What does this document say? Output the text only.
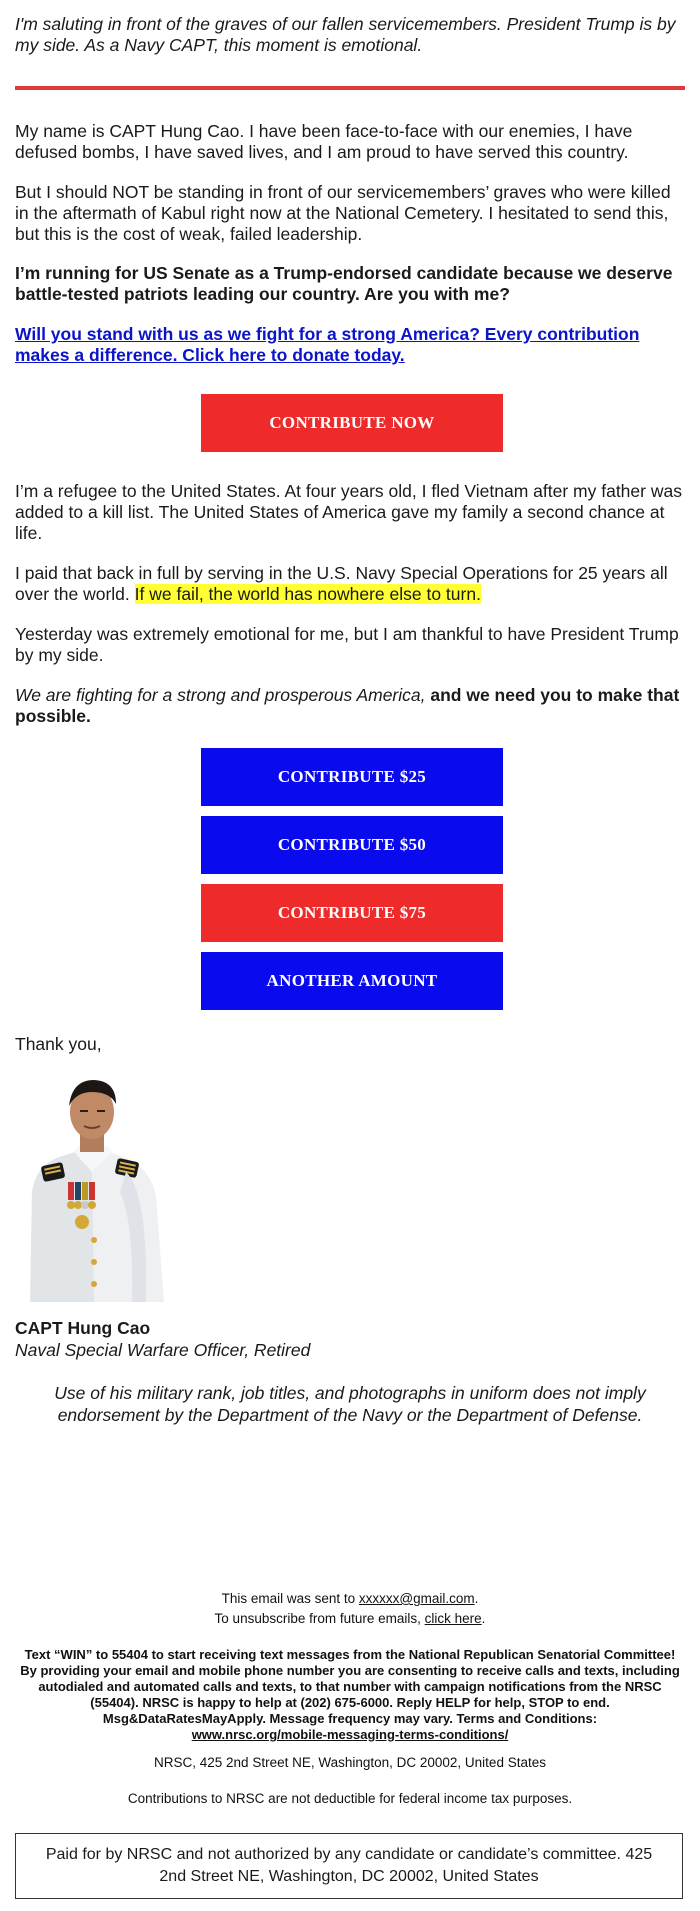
I'm saluting in front of the graves of our fallen servicemembers. President Trump is by my side. As a Navy CAPT, this moment is emotional.

My name is CAPT Hung Cao. I have been face-to-face with our enemies, I have defused bombs, I have saved lives, and I am proud to have served this country.

But I should NOT be standing in front of our servicemembers’ graves who were killed in the aftermath of Kabul right now at the National Cemetery. I hesitated to send this, but this is the cost of weak, failed leadership.

I’m running for US Senate as a Trump-endorsed candidate because we deserve battle-tested patriots leading our country. Are you with me?

Will you stand with us as we fight for a strong America? Every contribution makes a difference. Click here to donate today.

CONTRIBUTE NOW

I’m a refugee to the United States. At four years old, I fled Vietnam after my father was added to a kill list. The United States of America gave my family a second chance at life.

I paid that back in full by serving in the U.S. Navy Special Operations for 25 years all over the world. If we fail, the world has nowhere else to turn.

Yesterday was extremely emotional for me, but I am thankful to have President Trump by my side.

We are fighting for a strong and prosperous America, and we need you to make that possible.

CONTRIBUTE $25
CONTRIBUTE $50
CONTRIBUTE $75
ANOTHER AMOUNT

Thank you,

CAPT Hung Cao

Naval Special Warfare Officer, Retired

Use of his military rank, job titles, and photographs in uniform does not imply endorsement by the Department of the Navy or the Department of Defense.

This email was sent to xxxxxx@gmail.com.

To unsubscribe from future emails, click here.

Text “WIN” to 55404 to start receiving text messages from the National Republican Senatorial Committee! By providing your email and mobile phone number you are consenting to receive calls and texts, including autodialed and automated calls and texts, to that number with campaign notifications from the NRSC (55404). NRSC is happy to help at (202) 675-6000. Reply HELP for help, STOP to end. Msg&DataRatesMayApply. Message frequency may vary. Terms and Conditions:
www.nrsc.org/mobile-messaging-terms-conditions/

NRSC, 425 2nd Street NE, Washington, DC 20002, United States

Contributions to NRSC are not deductible for federal income tax purposes.

Paid for by NRSC and not authorized by any candidate or candidate’s committee. 425 2nd Street NE, Washington, DC 20002, United States
